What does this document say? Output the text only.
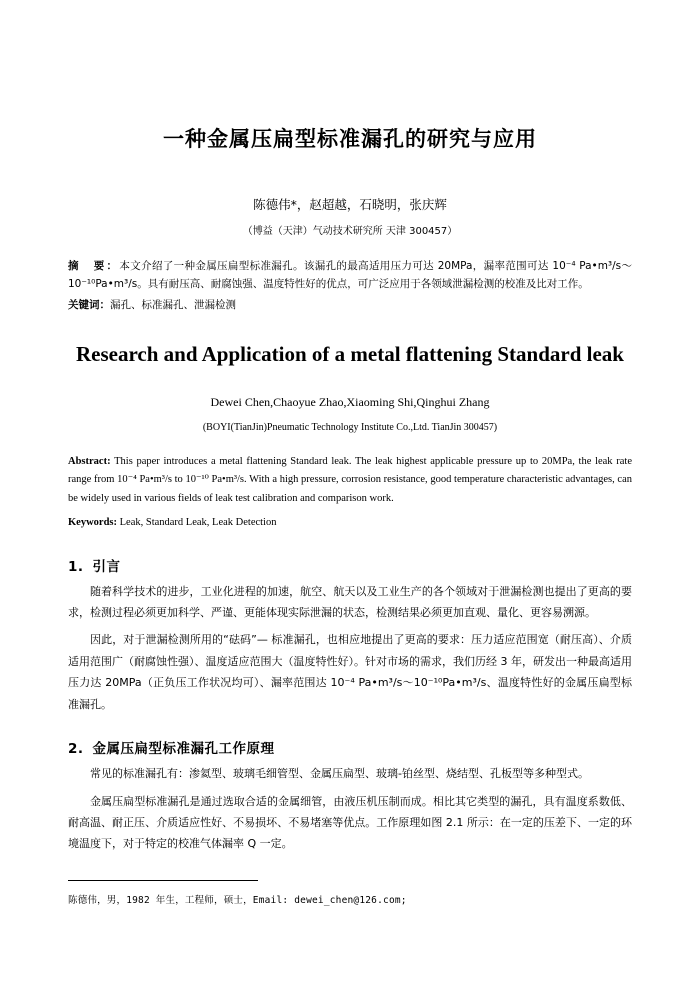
一种金属压扁型标准漏孔的研究与应用
陈德伟*，赵超越，石晓明，张庆辉
（博益（天津）气动技术研究所 天津 300457）
摘　要：本文介绍了一种金属压扁型标准漏孔。该漏孔的最高适用压力可达 20MPa，漏率范围可达 10⁻⁴ Pa•m³/s～10⁻¹⁰Pa•m³/s。具有耐压高、耐腐蚀强、温度特性好的优点，可广泛应用于各领域泄漏检测的校准及比对工作。
关键词：漏孔、标准漏孔、泄漏检测
Research and Application of a metal flattening Standard leak
Dewei Chen,Chaoyue Zhao,Xiaoming Shi,Qinghui Zhang
(BOYI(TianJin)Pneumatic Technology Institute Co.,Ltd. TianJin 300457)
Abstract: This paper introduces a metal flattening Standard leak. The leak highest applicable pressure up to 20MPa, the leak rate range from 10⁻⁴ Pa•m³/s to 10⁻¹⁰ Pa•m³/s. With a high pressure, corrosion resistance, good temperature characteristic advantages, can be widely used in various fields of leak test calibration and comparison work.
Keywords: Leak, Standard Leak, Leak Detection
1. 引言
随着科学技术的进步，工业化进程的加速，航空、航天以及工业生产的各个领域对于泄漏检测也提出了更高的要求，检测过程必须更加科学、严谨、更能体现实际泄漏的状态，检测结果必须更加直观、量化、更容易溯源。
因此，对于泄漏检测所用的“砝码”— 标准漏孔，也相应地提出了更高的要求：压力适应范围宽（耐压高）、介质适用范围广（耐腐蚀性强）、温度适应范围大（温度特性好）。针对市场的需求，我们历经 3 年，研发出一种最高适用压力达 20MPa（正负压工作状况均可）、漏率范围达 10⁻⁴ Pa•m³/s～10⁻¹⁰Pa•m³/s、温度特性好的金属压扁型标准漏孔。
2. 金属压扁型标准漏孔工作原理
常见的标准漏孔有：渗氦型、玻璃毛细管型、金属压扁型、玻璃-铂丝型、烧结型、孔板型等多种型式。
金属压扁型标准漏孔是通过选取合适的金属细管，由液压机压制而成。相比其它类型的漏孔，具有温度系数低、耐高温、耐正压、介质适应性好、不易损坏、不易堵塞等优点。工作原理如图 2.1 所示：在一定的压差下、一定的环境温度下，对于特定的校准气体漏率 Q 一定。
陈德伟，男，1982 年生，工程师，硕士，Email: dewei_chen@126.com;
